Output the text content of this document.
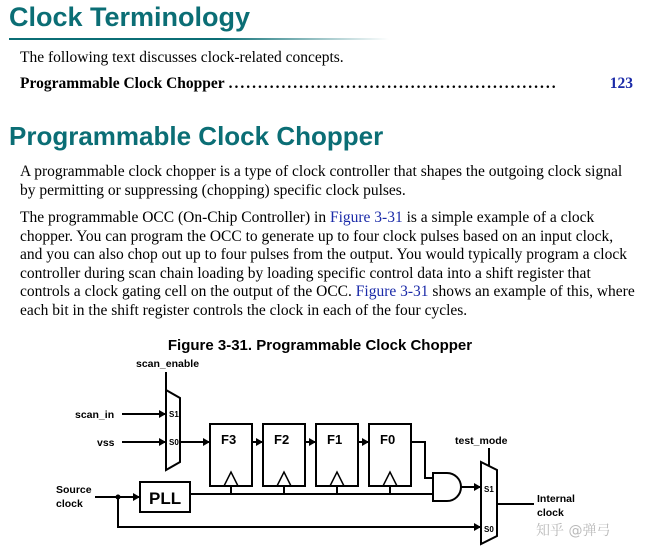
Clock Terminology

The following text discusses clock-related concepts.

Programmable Clock Chopper ........................................................	123
Programmable Clock Chopper

A programmable clock chopper is a type of clock controller that shapes the outgoing clock signal by permitting or suppressing (chopping) specific clock pulses.

The programmable OCC (On-Chip Controller) in Figure 3-31 is a simple example of a clock chopper. You can program the OCC to generate up to four clock pulses based on an input clock, and you can also chop out up to four pulses from the output. You would typically program a clock controller during scan chain loading by loading specific control data into a shift register that controls a clock gating cell on the output of the OCC. Figure 3-31 shows an example of this, where each bit in the shift register controls the clock in each of the four cycles.

Figure 3-31. Programmable Clock Chopper

scan_enable
scan_in
vss
S1
S0	F3	F2	F1	F0
PLL
Source
clock
test_mode
S1
S0
Internal
clock
知乎 @弹弓
